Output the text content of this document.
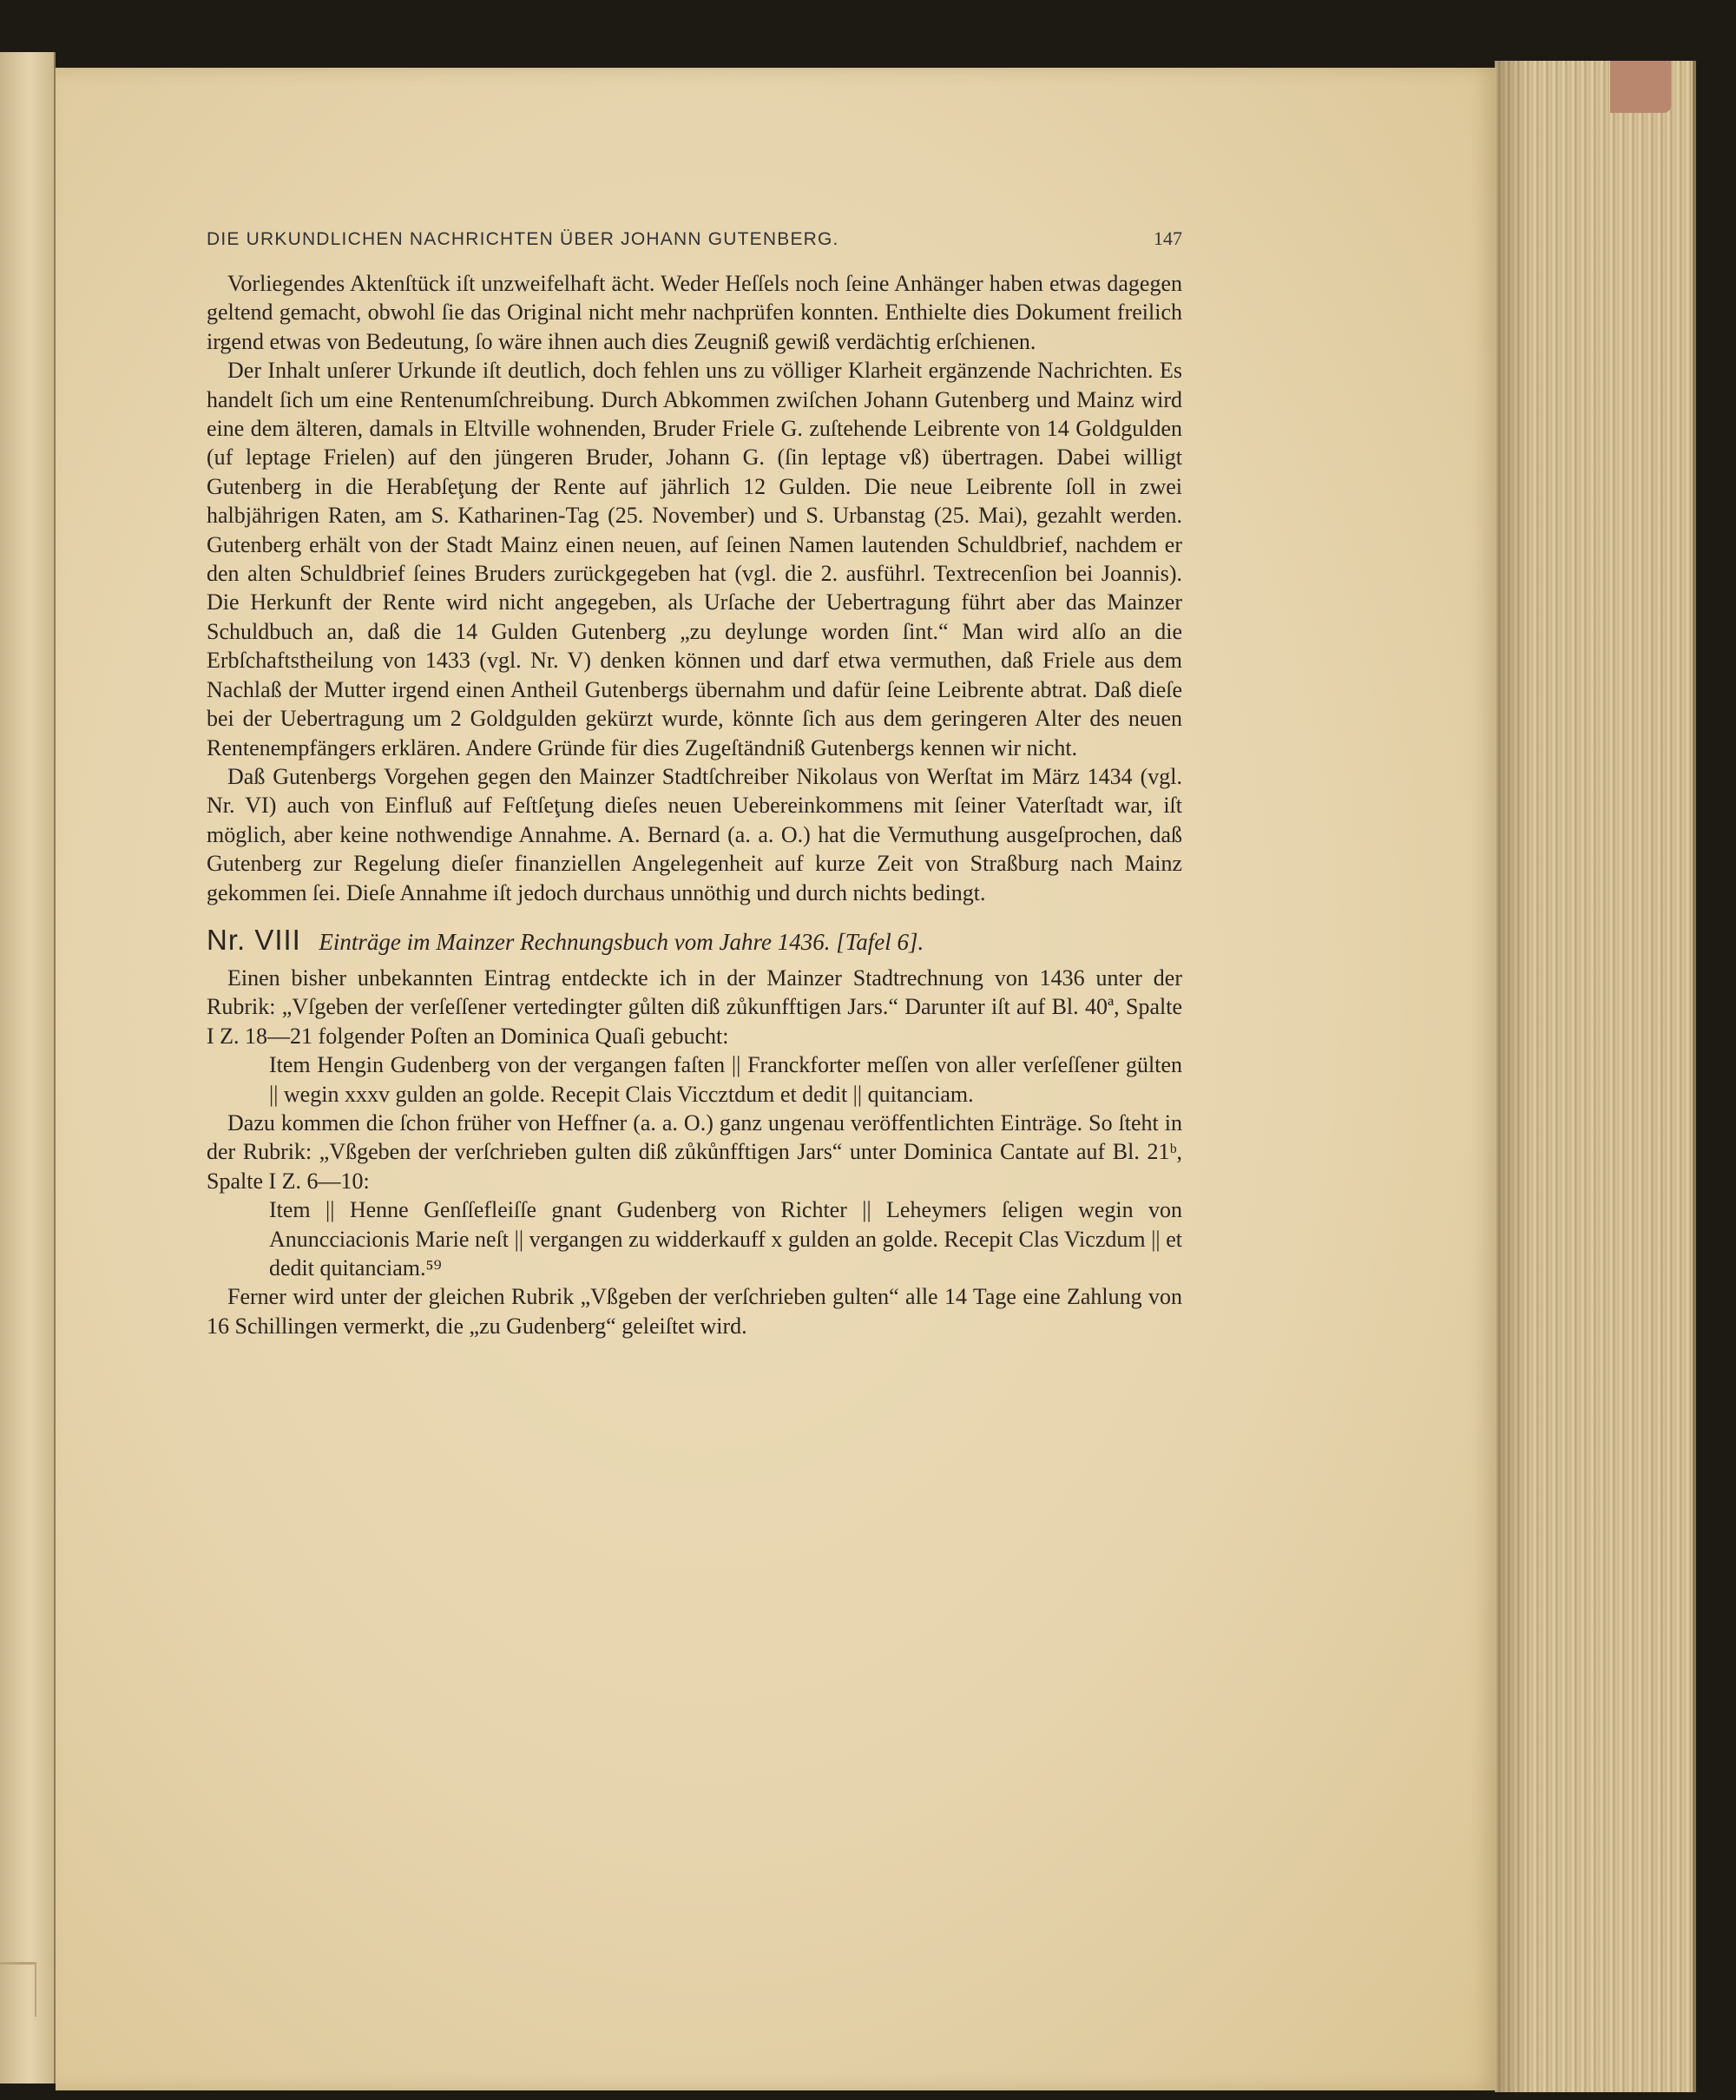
DIE URKUNDLICHEN NACHRICHTEN ÜBER JOHANN GUTENBERG.	147

Vorliegendes Aktenſtück iſt unzweifelhaft ächt. Weder Heſſels noch ſeine Anhänger haben etwas dagegen geltend gemacht, obwohl ſie das Original nicht mehr nachprüfen konnten. Enthielte dies Dokument freilich irgend etwas von Bedeutung, ſo wäre ihnen auch dies Zeugniß gewiß verdächtig erſchienen.

Der Inhalt unſerer Urkunde iſt deutlich, doch fehlen uns zu völliger Klarheit ergänzende Nachrichten. Es handelt ſich um eine Rentenumſchreibung. Durch Abkommen zwiſchen Johann Gutenberg und Mainz wird eine dem älteren, damals in Eltville wohnenden, Bruder Friele G. zuſtehende Leibrente von 14 Goldgulden (uf leptage Frielen) auf den jüngeren Bruder, Johann G. (ſin leptage vß) übertragen. Dabei willigt Gutenberg in die Herabſeţung der Rente auf jährlich 12 Gulden. Die neue Leibrente ſoll in zwei halbjährigen Raten, am S. Katharinen-Tag (25. November) und S. Urbanstag (25. Mai), gezahlt werden. Gutenberg erhält von der Stadt Mainz einen neuen, auf ſeinen Namen lautenden Schuldbrief, nachdem er den alten Schuldbrief ſeines Bruders zurückgegeben hat (vgl. die 2. ausführl. Textrecenſion bei Joannis). Die Herkunft der Rente wird nicht angegeben, als Urſache der Uebertragung führt aber das Mainzer Schuldbuch an, daß die 14 Gulden Gutenberg „zu deylunge worden ſint.“ Man wird alſo an die Erbſchaftstheilung von 1433 (vgl. Nr. V) denken können und darf etwa vermuthen, daß Friele aus dem Nachlaß der Mutter irgend einen Antheil Gutenbergs übernahm und dafür ſeine Leibrente abtrat. Daß dieſe bei der Uebertragung um 2 Goldgulden gekürzt wurde, könnte ſich aus dem geringeren Alter des neuen Rentenempfängers erklären. Andere Gründe für dies Zugeſtändniß Gutenbergs kennen wir nicht.

Daß Gutenbergs Vorgehen gegen den Mainzer Stadtſchreiber Nikolaus von Werſtat im März 1434 (vgl. Nr. VI) auch von Einfluß auf Feſtſeţung dieſes neuen Uebereinkommens mit ſeiner Vaterſtadt war, iſt möglich, aber keine nothwendige Annahme. A. Bernard (a. a. O.) hat die Vermuthung ausgeſprochen, daß Gutenberg zur Regelung dieſer finanziellen Angelegenheit auf kurze Zeit von Straßburg nach Mainz gekommen ſei. Dieſe Annahme iſt jedoch durchaus unnöthig und durch nichts bedingt.

Nr. VIII Einträge im Mainzer Rechnungsbuch vom Jahre 1436. [Tafel 6].

Einen bisher unbekannten Eintrag entdeckte ich in der Mainzer Stadtrechnung von 1436 unter der Rubrik: „Vſgeben der verſeſſener vertedingter gůlten diß zůkunfftigen Jars.“ Darunter iſt auf Bl. 40ª, Spalte I Z. 18—21 folgender Poſten an Dominica Quaſi gebucht:

Item Hengin Gudenberg von der vergangen faſten || Franckforter meſſen von aller verſeſſener gülten || wegin xxxv gulden an golde. Recepit Clais Viccztdum et dedit || quitanciam.

Dazu kommen die ſchon früher von Heffner (a. a. O.) ganz ungenau veröffentlichten Einträge. So ſteht in der Rubrik: „Vßgeben der verſchrieben gulten diß zůkůnfftigen Jars“ unter Dominica Cantate auf Bl. 21ᵇ, Spalte I Z. 6—10:

Item || Henne Genſſefleiſſe gnant Gudenberg von Richter || Leheymers ſeligen wegin von Anuncciacionis Marie neſt || vergangen zu widderkauff x gulden an golde. Recepit Clas Viczdum || et dedit quitanciam.⁵⁹

Ferner wird unter der gleichen Rubrik „Vßgeben der verſchrieben gulten“ alle 14 Tage eine Zahlung von 16 Schillingen vermerkt, die „zu Gudenberg“ geleiſtet wird.
